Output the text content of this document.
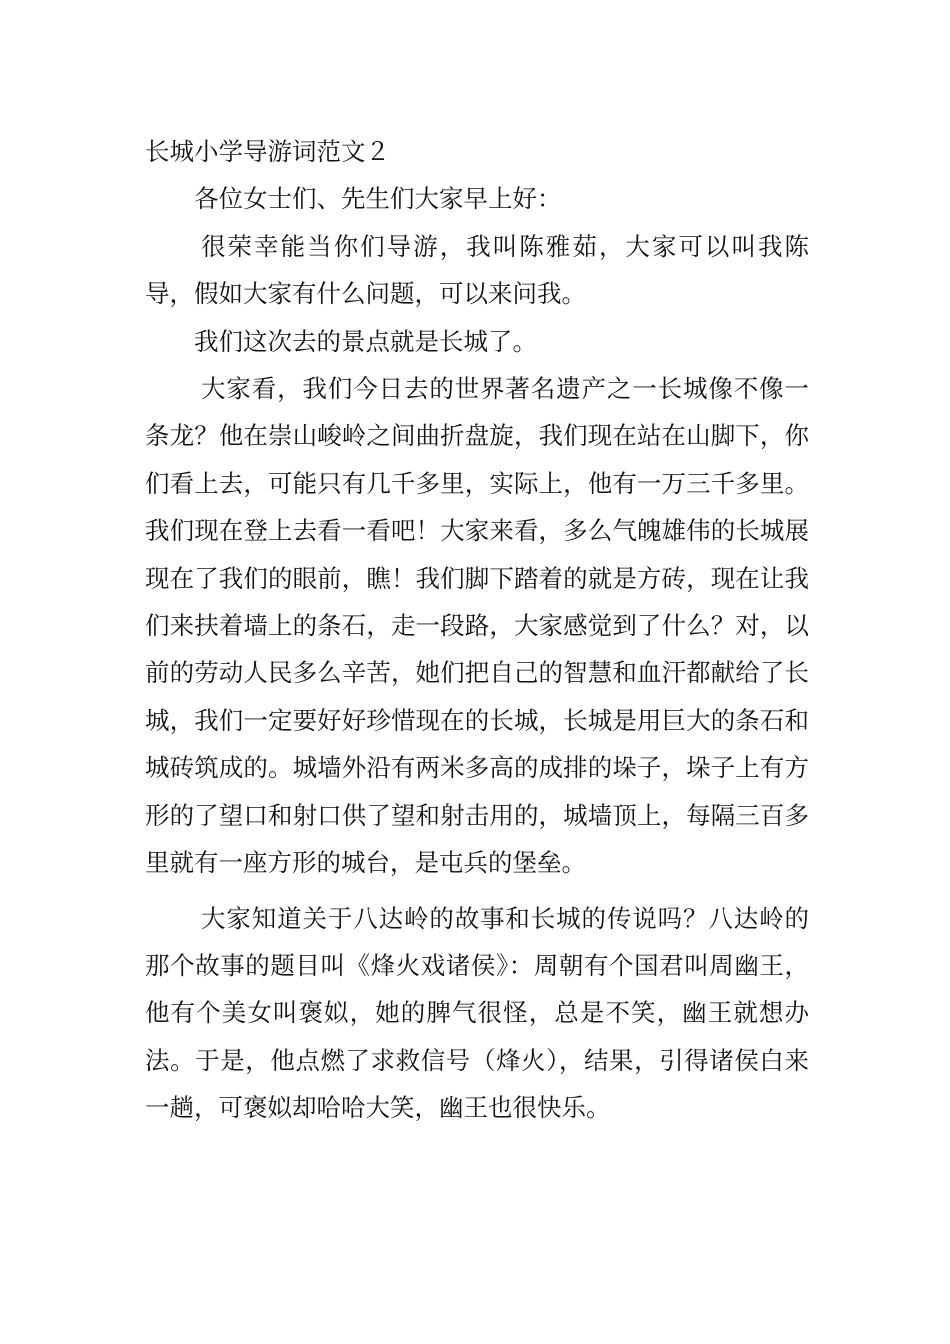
长城小学导游词范文２

各位女士们、先生们大家早上好：

很荣幸能当你们导游，我叫陈雅茹，大家可以叫我陈导，假如大家有什么问题，可以来问我。

我们这次去的景点就是长城了。

大家看，我们今日去的世界著名遗产之一长城像不像一条龙？他在崇山峻岭之间曲折盘旋，我们现在站在山脚下，你们看上去，可能只有几千多里，实际上，他有一万三千多里。我们现在登上去看一看吧！大家来看，多么气魄雄伟的长城展现在了我们的眼前，瞧！我们脚下踏着的就是方砖，现在让我们来扶着墙上的条石，走一段路，大家感觉到了什么？对，以前的劳动人民多么辛苦，她们把自己的智慧和血汗都献给了长城，我们一定要好好珍惜现在的长城，长城是用巨大的条石和城砖筑成的。城墙外沿有两米多高的成排的垛子，垛子上有方形的了望口和射口供了望和射击用的，城墙顶上，每隔三百多里就有一座方形的城台，是屯兵的堡垒。

大家知道关于八达岭的故事和长城的传说吗？八达岭的那个故事的题目叫《烽火戏诸侯》：周朝有个国君叫周幽王，他有个美女叫褒姒，她的脾气很怪，总是不笑，幽王就想办法。于是，他点燃了求救信号（烽火），结果，引得诸侯白来一趟，可褒姒却哈哈大笑，幽王也很快乐。
